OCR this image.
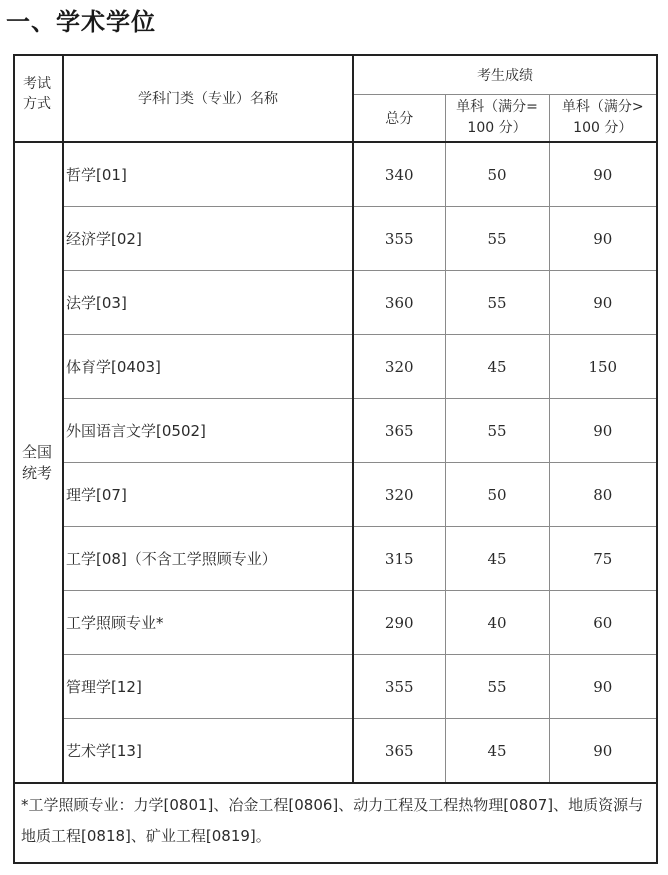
一、学术学位
考试方式	学科门类（专业）名称	考生成绩		
		总分	单科（满分=100 分）	单科（满分>100 分）

全国统考	哲学[01]	340	50	90
	经济学[02]	355	55	90
	法学[03]	360	55	90
	体育学[0403]	320	45	150
	外国语言文学[0502]	365	55	90
	理学[07]	320	50	80
	工学[08]（不含工学照顾专业）	315	45	75
	工学照顾专业*	290	40	60
	管理学[12]	355	55	90
	艺术学[13]	365	45	90
*工学照顾专业：力学[0801]、冶金工程[0806]、动力工程及工程热物理[0807]、地质资源与地质工程[0818]、矿业工程[0819]。				
